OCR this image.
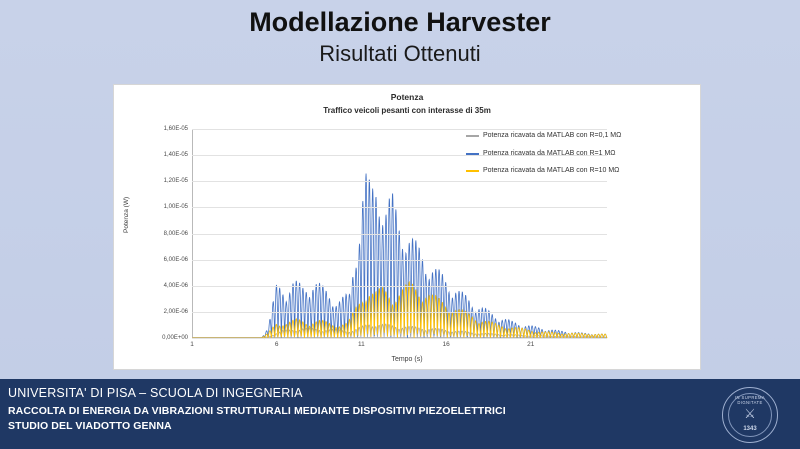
Modellazione Harvester
Risultati Ottenuti
Potenza
Traffico veicoli pesanti con interasse di 35m
Potenza (W)
Tempo (s)
0,00E+00
2,00E-06
4,00E-06
6,00E-06
8,00E-06
1,00E-05
1,20E-05
1,40E-05
1,60E-05
1	6	11	16	21
Potenza ricavata da MATLAB con R=0,1 MΩ
Potenza ricavata da MATLAB con R=1 MΩ
Potenza ricavata da MATLAB con R=10 MΩ
UNIVERSITA' DI PISA – SCUOLA DI INGEGNERIA
RACCOLTA DI ENERGIA DA VIBRAZIONI STRUTTURALI MEDIANTE DISPOSITIVI PIEZOELETTRICI
STUDIO DEL VIADOTTO GENNA
IN SUPREMA DIGNITATE
⚔
1343
